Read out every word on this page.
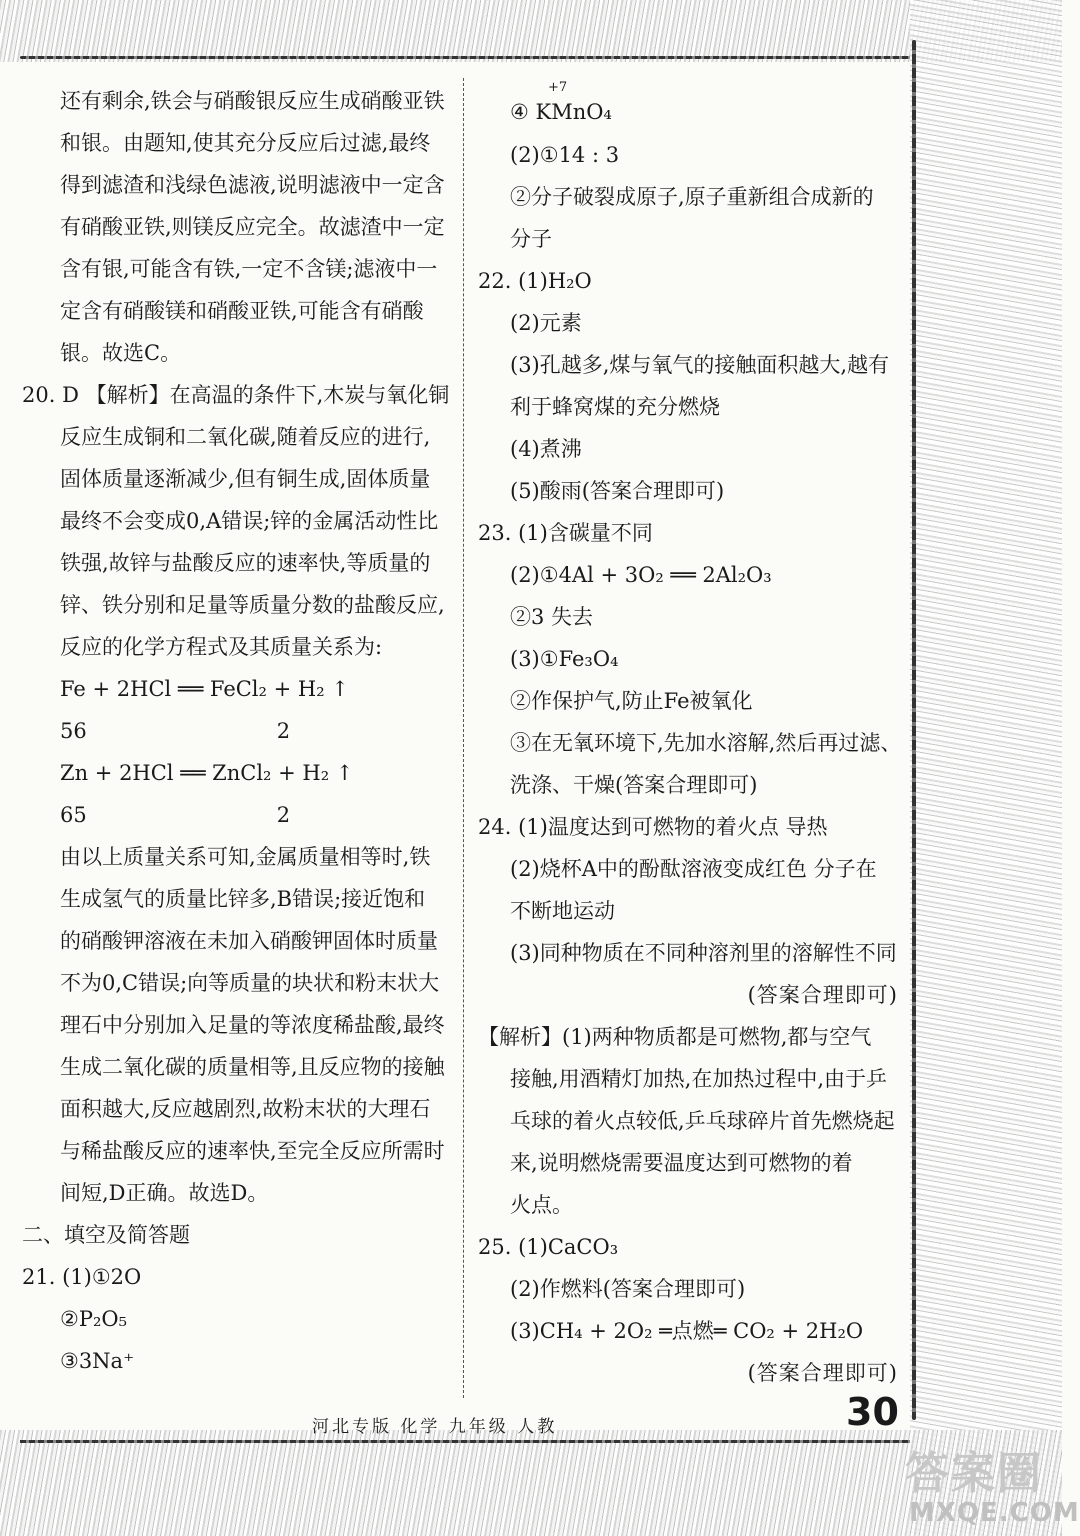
还有剩余,铁会与硝酸银反应生成硝酸亚铁
和银。由题知,使其充分反应后过滤,最终
得到滤渣和浅绿色滤液,说明滤液中一定含
有硝酸亚铁,则镁反应完全。故滤渣中一定
含有银,可能含有铁,一定不含镁;滤液中一
定含有硝酸镁和硝酸亚铁,可能含有硝酸
银。故选C。
20. D 【解析】在高温的条件下,木炭与氧化铜
反应生成铜和二氧化碳,随着反应的进行,
固体质量逐渐减少,但有铜生成,固体质量
最终不会变成0,A错误;锌的金属活动性比
铁强,故锌与盐酸反应的速率快,等质量的
锌、铁分别和足量等质量分数的盐酸反应,
反应的化学方程式及其质量关系为:
Fe + 2HCl ══ FeCl₂ + H₂ ↑
56	2
Zn + 2HCl ══ ZnCl₂ + H₂ ↑
65	2
由以上质量关系可知,金属质量相等时,铁
生成氢气的质量比锌多,B错误;接近饱和
的硝酸钾溶液在未加入硝酸钾固体时质量
不为0,C错误;向等质量的块状和粉末状大
理石中分别加入足量的等浓度稀盐酸,最终
生成二氧化碳的质量相等,且反应物的接触
面积越大,反应越剧烈,故粉末状的大理石
与稀盐酸反应的速率快,至完全反应所需时
间短,D正确。故选D。
二、填空及简答题
21. (1)①2O
②P₂O₅
③3Na⁺
+7
④ KMnO₄
(2)①14 : 3
②分子破裂成原子,原子重新组合成新的
分子
22. (1)H₂O
(2)元素
(3)孔越多,煤与氧气的接触面积越大,越有
利于蜂窝煤的充分燃烧
(4)煮沸
(5)酸雨(答案合理即可)
23. (1)含碳量不同
(2)①4Al + 3O₂ ══ 2Al₂O₃
②3 失去
(3)①Fe₃O₄
②作保护气,防止Fe被氧化
③在无氧环境下,先加水溶解,然后再过滤、
洗涤、干燥(答案合理即可)
24. (1)温度达到可燃物的着火点 导热
(2)烧杯A中的酚酞溶液变成红色 分子在
不断地运动
(3)同种物质在不同种溶剂里的溶解性不同
(答案合理即可)
【解析】(1)两种物质都是可燃物,都与空气
接触,用酒精灯加热,在加热过程中,由于乒
乓球的着火点较低,乒乓球碎片首先燃烧起
来,说明燃烧需要温度达到可燃物的着
火点。
25. (1)CaCO₃
(2)作燃料(答案合理即可)
(3)CH₄ + 2O₂ ═点燃═ CO₂ + 2H₂O
(答案合理即可)
河北专版 化学 九年级 人教	30
答案圈
MXQE.COM
